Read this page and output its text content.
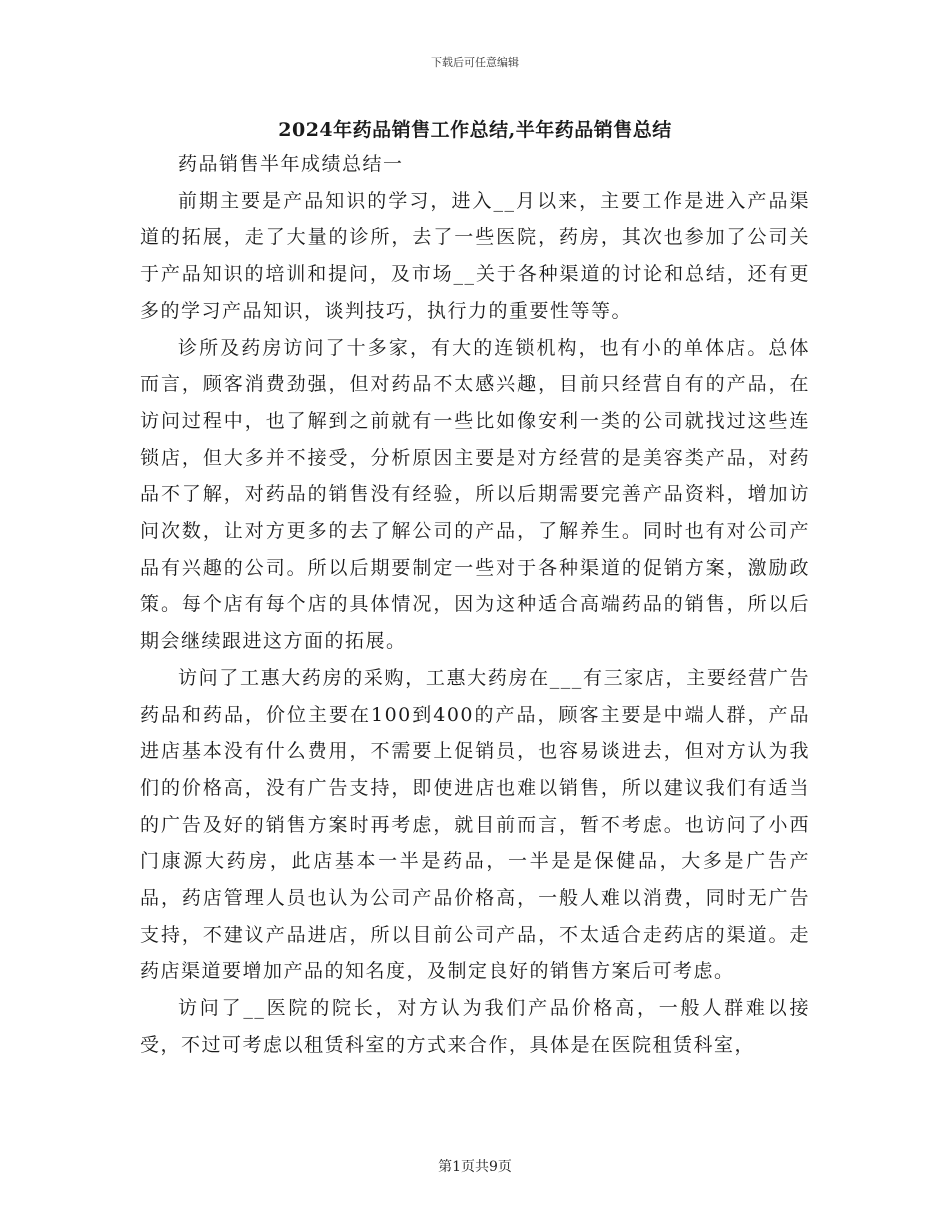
下载后可任意编辑
2024年药品销售工作总结,半年药品销售总结

药品销售半年成绩总结一

前期主要是产品知识的学习，进入__月以来，主要工作是进入产品渠道的拓展，走了大量的诊所，去了一些医院，药房，其次也参加了公司关于产品知识的培训和提问，及市场__关于各种渠道的讨论和总结，还有更多的学习产品知识，谈判技巧，执行力的重要性等等。

诊所及药房访问了十多家，有大的连锁机构，也有小的单体店。总体而言，顾客消费劲强，但对药品不太感兴趣，目前只经营自有的产品，在访问过程中，也了解到之前就有一些比如像安利一类的公司就找过这些连锁店，但大多并不接受，分析原因主要是对方经营的是美容类产品，对药品不了解，对药品的销售没有经验，所以后期需要完善产品资料，增加访问次数，让对方更多的去了解公司的产品，了解养生。同时也有对公司产品有兴趣的公司。所以后期要制定一些对于各种渠道的促销方案，激励政策。每个店有每个店的具体情况，因为这种适合高端药品的销售，所以后期会继续跟进这方面的拓展。

访问了工惠大药房的采购，工惠大药房在___有三家店，主要经营广告药品和药品，价位主要在100到400的产品，顾客主要是中端人群，产品进店基本没有什么费用，不需要上促销员，也容易谈进去，但对方认为我们的价格高，没有广告支持，即使进店也难以销售，所以建议我们有适当的广告及好的销售方案时再考虑，就目前而言，暂不考虑。也访问了小西门康源大药房，此店基本一半是药品，一半是是保健品，大多是广告产品，药店管理人员也认为公司产品价格高，一般人难以消费，同时无广告支持，不建议产品进店，所以目前公司产品，不太适合走药店的渠道。走药店渠道要增加产品的知名度，及制定良好的销售方案后可考虑。

访问了__医院的院长，对方认为我们产品价格高，一般人群难以接受，不过可考虑以租赁科室的方式来合作，具体是在医院租赁科室，

第1页共9页
